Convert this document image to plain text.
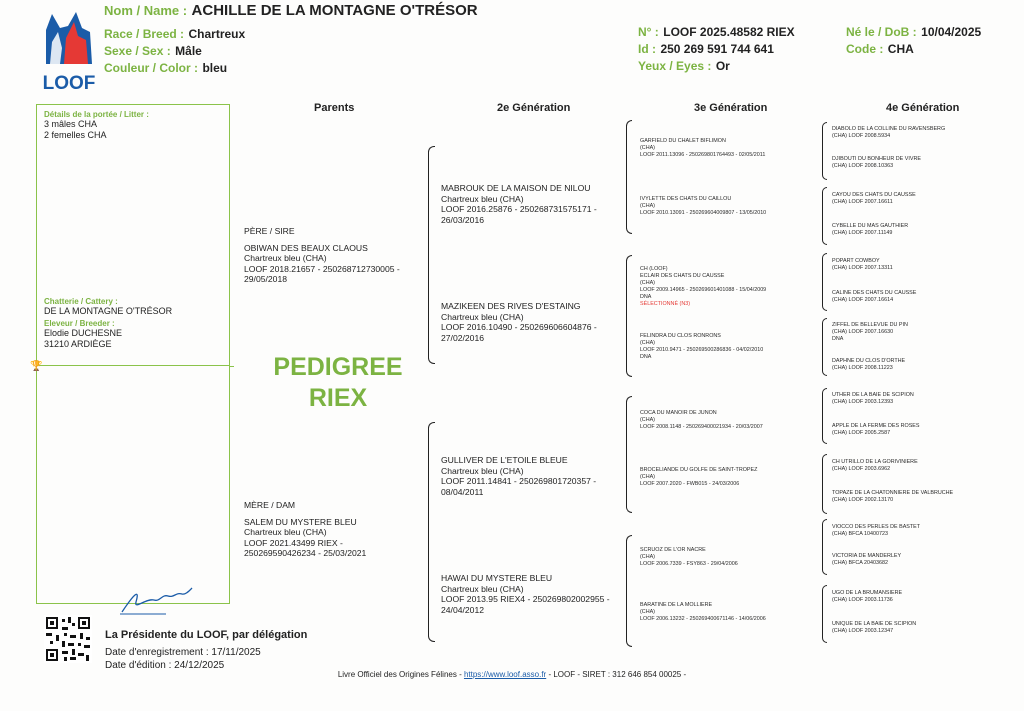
LOOF
Nom / Name : ACHILLE DE LA MONTAGNE O'TRÉSOR
Race / Breed : Chartreux
Sexe / Sex : Mâle
Couleur / Color : bleu
N° : LOOF 2025.48582 RIEX
Id : 250 269 591 744 641
Yeux / Eyes : Or
Né le / DoB : 10/04/2025
Code : CHA
Parents	2e Génération	3e Génération	4e Génération
🏆
Détails de la portée / Litter :
3 mâles CHA
2 femelles CHA
Chatterie / Cattery :
DE LA MONTAGNE O'TRÉSOR
Eleveur / Breeder :
Elodie DUCHESNE
31210 ARDIÈGE
PEDIGREE
RIEX
PÈRE / SIRE
OBIWAN DES BEAUX CLAOUS
Chartreux bleu (CHA)
LOOF 2018.21657 - 250268712730005 -
29/05/2018
MÈRE / DAM
SALEM DU MYSTERE BLEU
Chartreux bleu (CHA)
LOOF 2021.43499 RIEX -
250269590426234 - 25/03/2021
MABROUK DE LA MAISON DE NILOU
Chartreux bleu (CHA)
LOOF 2016.25876 - 250268731575171 -
26/03/2016
MAZIKEEN DES RIVES D'ESTAING
Chartreux bleu (CHA)
LOOF 2016.10490 - 250269606604876 -
27/02/2016
GULLIVER DE L'ETOILE BLEUE
Chartreux bleu (CHA)
LOOF 2011.14841 - 250269801720357 -
08/04/2011
HAWAI DU MYSTERE BLEU
Chartreux bleu (CHA)
LOOF 2013.95 RIEX4 - 250269802002955 -
24/04/2012
GARFIELD DU CHALET BIFLIMON
(CHA)
LOOF 2011.13096 - 250269801764493 - 02/05/2011
IVYLETTE DES CHATS DU CAILLOU
(CHA)
LOOF 2010.13091 - 250269604009807 - 13/05/2010
CH (LOOF)
ECLAIR DES CHATS DU CAUSSE
(CHA)
LOOF 2009.14965 - 250269601401088 - 15/04/2009
DNA
SÉLECTIONNÉ (N3)
FELINDRA DU CLOS RONRONS
(CHA)
LOOF 2010.9471 - 250269500286836 - 04/02/2010
DNA
COCA DU MANOIR DE JUNON
(CHA)
LOOF 2008.1148 - 250269400021934 - 20/03/2007
BROCELIANDE DU GOLFE DE SAINT-TROPEZ
(CHA)
LOOF 2007.2020 - FWB015 - 24/03/2006
SCRUOZ DE L'OR NACRE
(CHA)
LOOF 2006.7339 - FSY863 - 29/04/2006
BARATINE DE LA MOLLIERE
(CHA)
LOOF 2006.13232 - 250269400671146 - 14/06/2006
DIABOLO DE LA COLLINE DU RAVENSBERG
(CHA) LOOF 2008.5934
DJIBOUTI DU BONHEUR DE VIVRE
(CHA) LOOF 2008.10363
CAYOU DES CHATS DU CAUSSE
(CHA) LOOF 2007.16611
CYBELLE DU MAS GAUTHIER
(CHA) LOOF 2007.11149
POPART COWBOY
(CHA) LOOF 2007.13311
CALINE DES CHATS DU CAUSSE
(CHA) LOOF 2007.16614
ZIFFEL DE BELLEVUE DU PIN
(CHA) LOOF 2007.16630
DNA
DAPHNE DU CLOS D'ORTHE
(CHA) LOOF 2008.11223
UTHER DE LA BAIE DE SCIPION
(CHA) LOOF 2003.12393
APPLE DE LA FERME DES ROSES
(CHA) LOOF 2005.2587
CH UTRILLO DE LA GORIVINIERE
(CHA) LOOF 2003.6962
TOPAZE DE LA CHATONNIERE DE VALBRUCHE
(CHA) LOOF 2002.13170
VIOCCO DES PERLES DE BASTET
(CHA) BFCA 10400723
VICTORIA DE MANDERLEY
(CHA) BFCA 20403682
UGO DE LA BRUMANSIERE
(CHA) LOOF 2003.11736
UNIQUE DE LA BAIE DE SCIPION
(CHA) LOOF 2003.12347
La Présidente du LOOF, par délégation
Date d'enregistrement : 17/11/2025
Date d'édition : 24/12/2025
Livre Officiel des Origines Félines - https://www.loof.asso.fr - LOOF - SIRET : 312 646 854 00025 -
